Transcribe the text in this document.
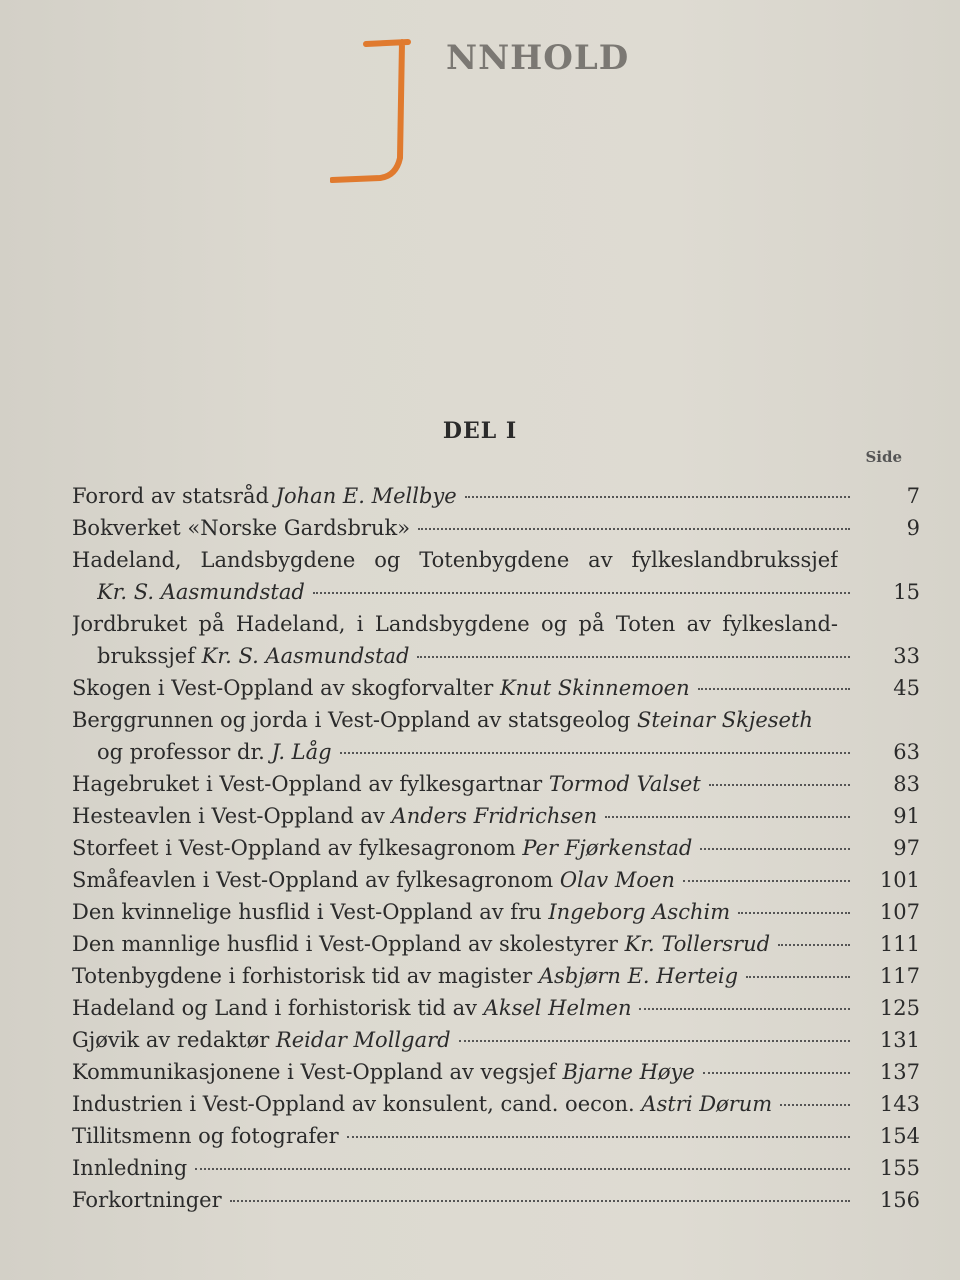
NNHOLD
DEL I
Side
Forord av statsråd Johan E. Mellbye	7
Bokverket «Norske Gardsbruk»	9
Hadeland, Landsbygdene og Totenbygdene av fylkeslandbrukssjef
Kr. S. Aasmundstad	15
Jordbruket på Hadeland, i Landsbygdene og på Toten av fylkesland-
brukssjef Kr. S. Aasmundstad	33
Skogen i Vest-Oppland av skogforvalter Knut Skinnemoen	45
Berggrunnen og jorda i Vest-Oppland av statsgeolog Steinar Skjeseth
og professor dr. J. Låg	63
Hagebruket i Vest-Oppland av fylkesgartnar Tormod Valset	83
Hesteavlen i Vest-Oppland av Anders Fridrichsen	91
Storfeet i Vest-Oppland av fylkesagronom Per Fjørkenstad	97
Småfeavlen i Vest-Oppland av fylkesagronom Olav Moen	101
Den kvinnelige husflid i Vest-Oppland av fru Ingeborg Aschim	107
Den mannlige husflid i Vest-Oppland av skolestyrer Kr. Tollersrud	111
Totenbygdene i forhistorisk tid av magister Asbjørn E. Herteig	117
Hadeland og Land i forhistorisk tid av Aksel Helmen	125
Gjøvik av redaktør Reidar Mollgard	131
Kommunikasjonene i Vest-Oppland av vegsjef Bjarne Høye	137
Industrien i Vest-Oppland av konsulent, cand. oecon. Astri Dørum	143
Tillitsmenn og fotografer	154
Innledning	155
Forkortninger	156
